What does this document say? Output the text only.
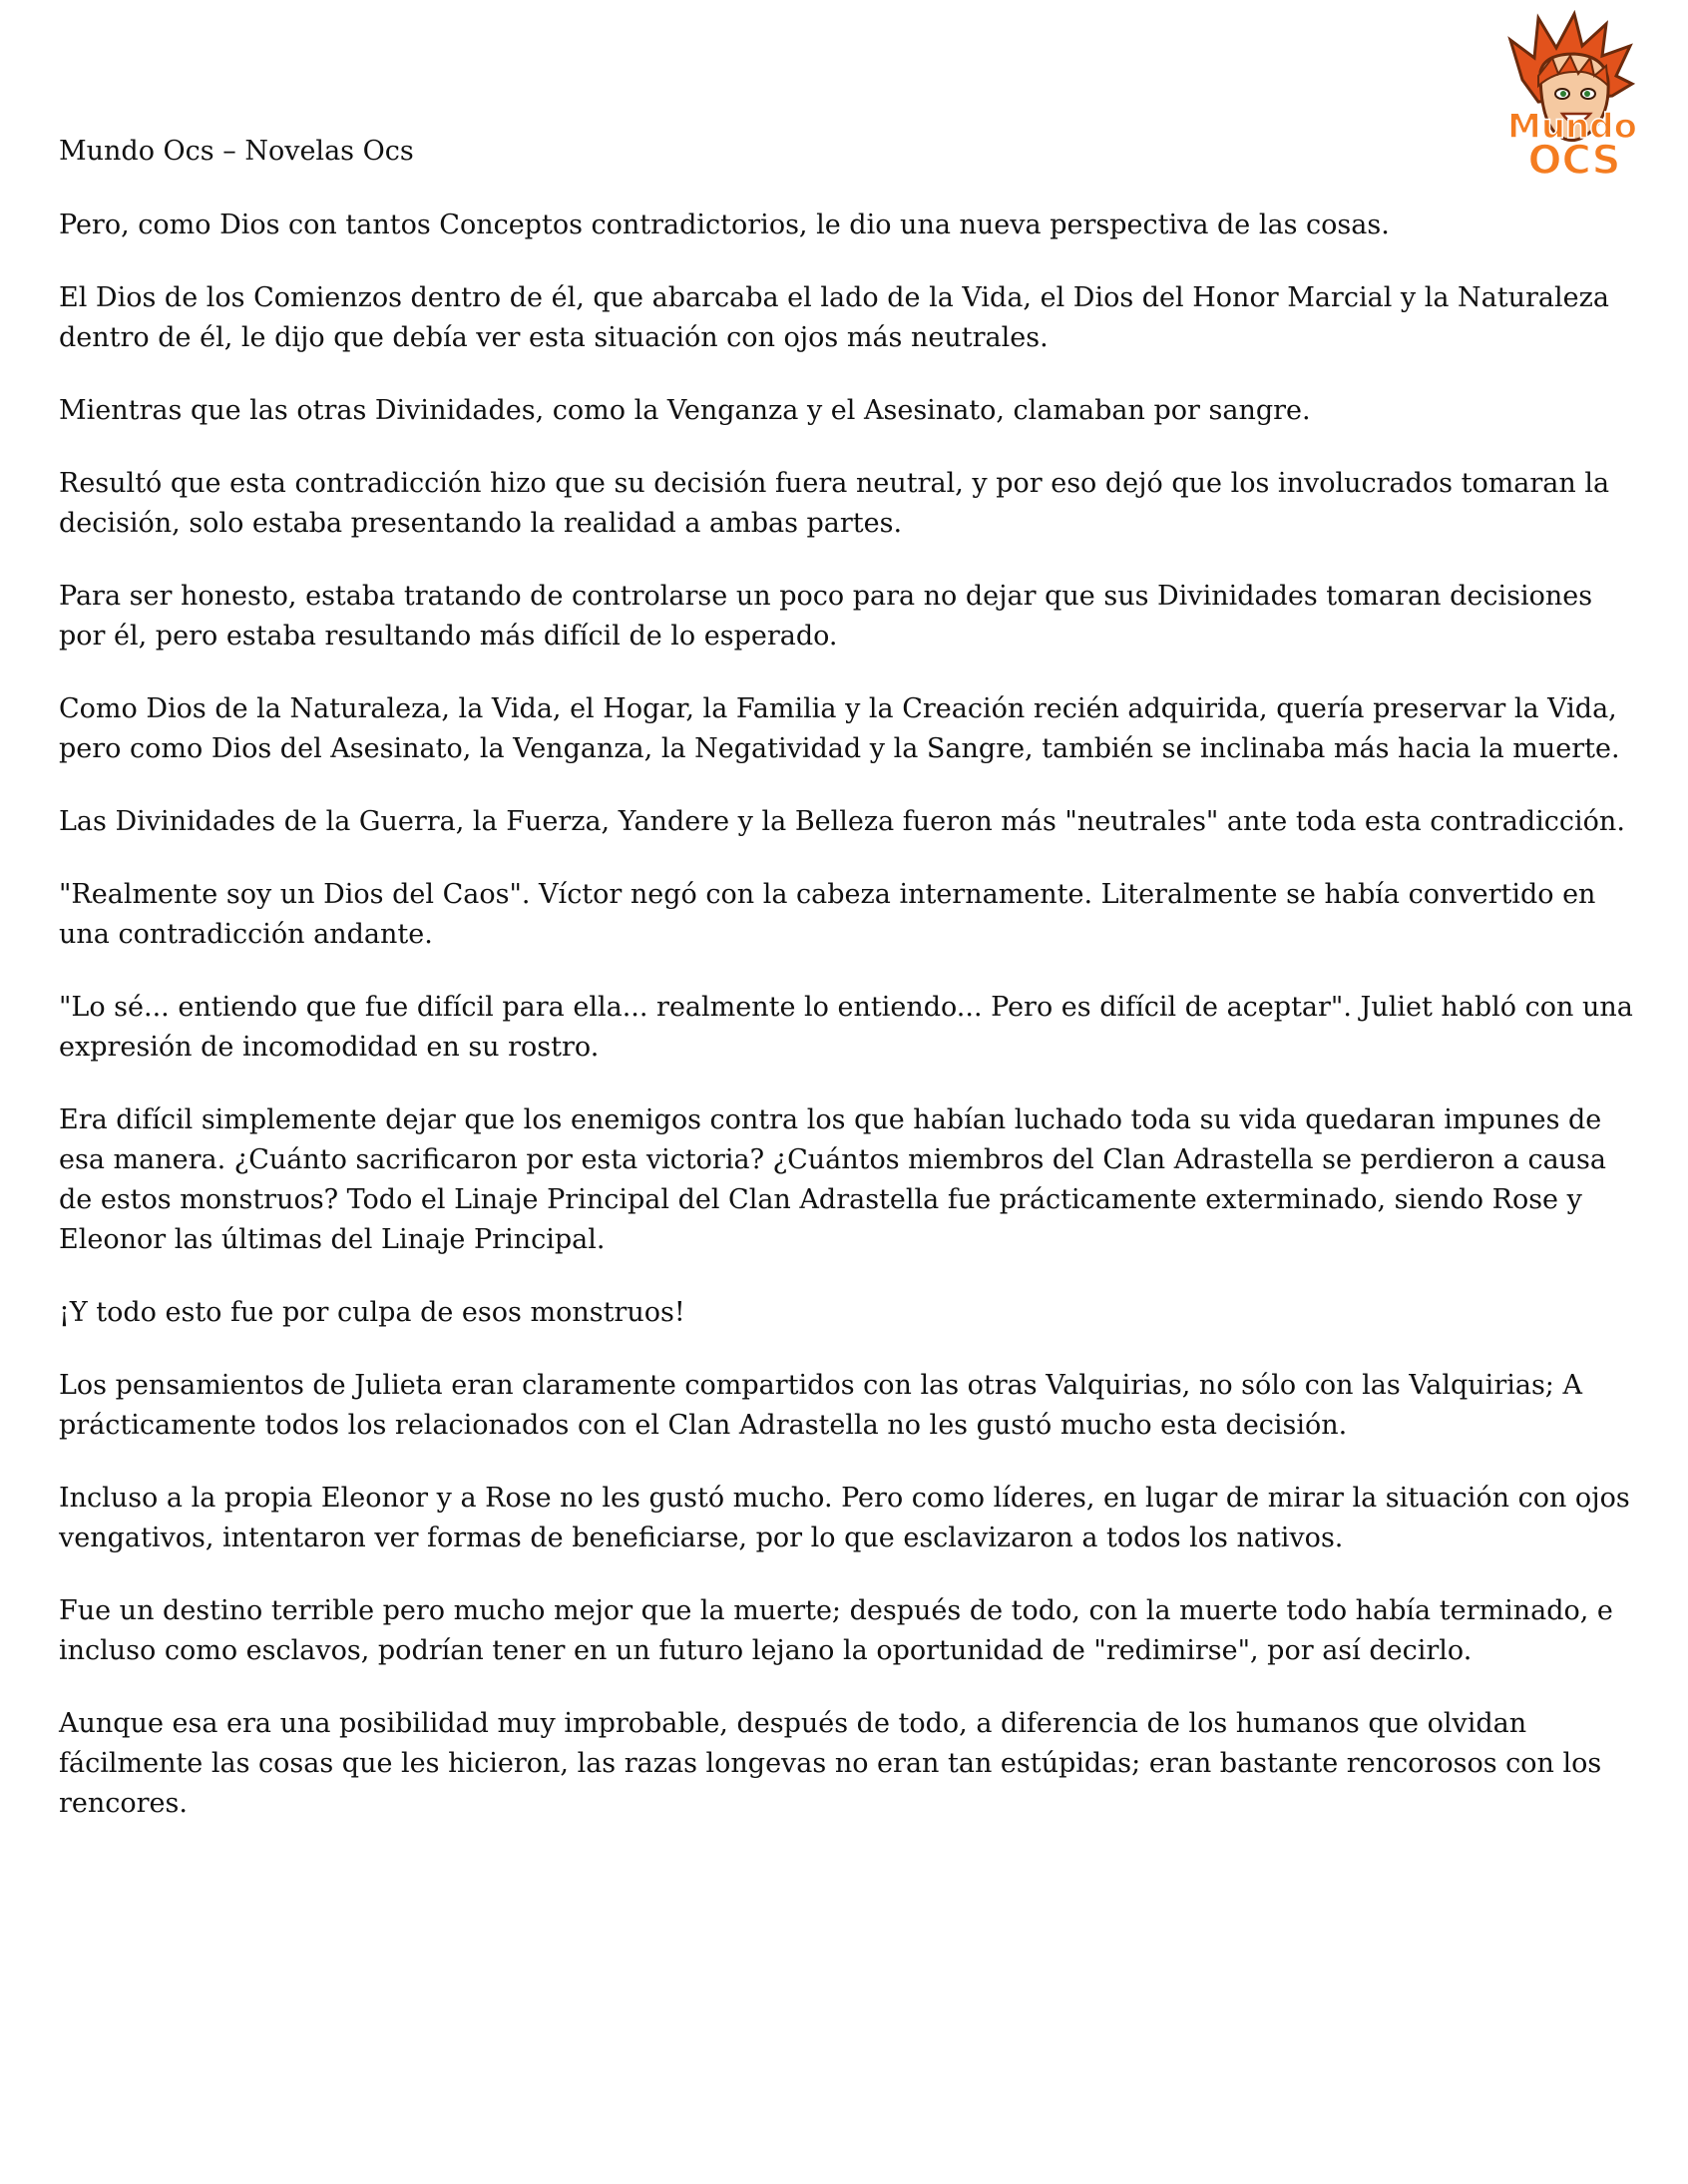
Mundo
OCS

Mundo Ocs – Novelas Ocs

Pero, como Dios con tantos Conceptos contradictorios, le dio una nueva perspectiva de las cosas.

El Dios de los Comienzos dentro de él, que abarcaba el lado de la Vida, el Dios del Honor Marcial y la Naturaleza dentro de él, le dijo que debía ver esta situación con ojos más neutrales.

Mientras que las otras Divinidades, como la Venganza y el Asesinato, clamaban por sangre.

Resultó que esta contradicción hizo que su decisión fuera neutral, y por eso dejó que los involucrados tomaran la decisión, solo estaba presentando la realidad a ambas partes.

Para ser honesto, estaba tratando de controlarse un poco para no dejar que sus Divinidades tomaran decisiones por él, pero estaba resultando más difícil de lo esperado.

Como Dios de la Naturaleza, la Vida, el Hogar, la Familia y la Creación recién adquirida, quería preservar la Vida, pero como Dios del Asesinato, la Venganza, la Negatividad y la Sangre, también se inclinaba más hacia la muerte.

Las Divinidades de la Guerra, la Fuerza, Yandere y la Belleza fueron más "neutrales" ante toda esta contradicción.

"Realmente soy un Dios del Caos". Víctor negó con la cabeza internamente. Literalmente se había convertido en una contradicción andante.

"Lo sé... entiendo que fue difícil para ella... realmente lo entiendo... Pero es difícil de aceptar". Juliet habló con una expresión de incomodidad en su rostro.

Era difícil simplemente dejar que los enemigos contra los que habían luchado toda su vida quedaran impunes de esa manera. ¿Cuánto sacrificaron por esta victoria? ¿Cuántos miembros del Clan Adrastella se perdieron a causa de estos monstruos? Todo el Linaje Principal del Clan Adrastella fue prácticamente exterminado, siendo Rose y Eleonor las últimas del Linaje Principal.

¡Y todo esto fue por culpa de esos monstruos!

Los pensamientos de Julieta eran claramente compartidos con las otras Valquirias, no sólo con las Valquirias; A prácticamente todos los relacionados con el Clan Adrastella no les gustó mucho esta decisión.

Incluso a la propia Eleonor y a Rose no les gustó mucho. Pero como líderes, en lugar de mirar la situación con ojos vengativos, intentaron ver formas de beneficiarse, por lo que esclavizaron a todos los nativos.

Fue un destino terrible pero mucho mejor que la muerte; después de todo, con la muerte todo había terminado, e incluso como esclavos, podrían tener en un futuro lejano la oportunidad de "redimirse", por así decirlo.

Aunque esa era una posibilidad muy improbable, después de todo, a diferencia de los humanos que olvidan fácilmente las cosas que les hicieron, las razas longevas no eran tan estúpidas; eran bastante rencorosos con los rencores.
